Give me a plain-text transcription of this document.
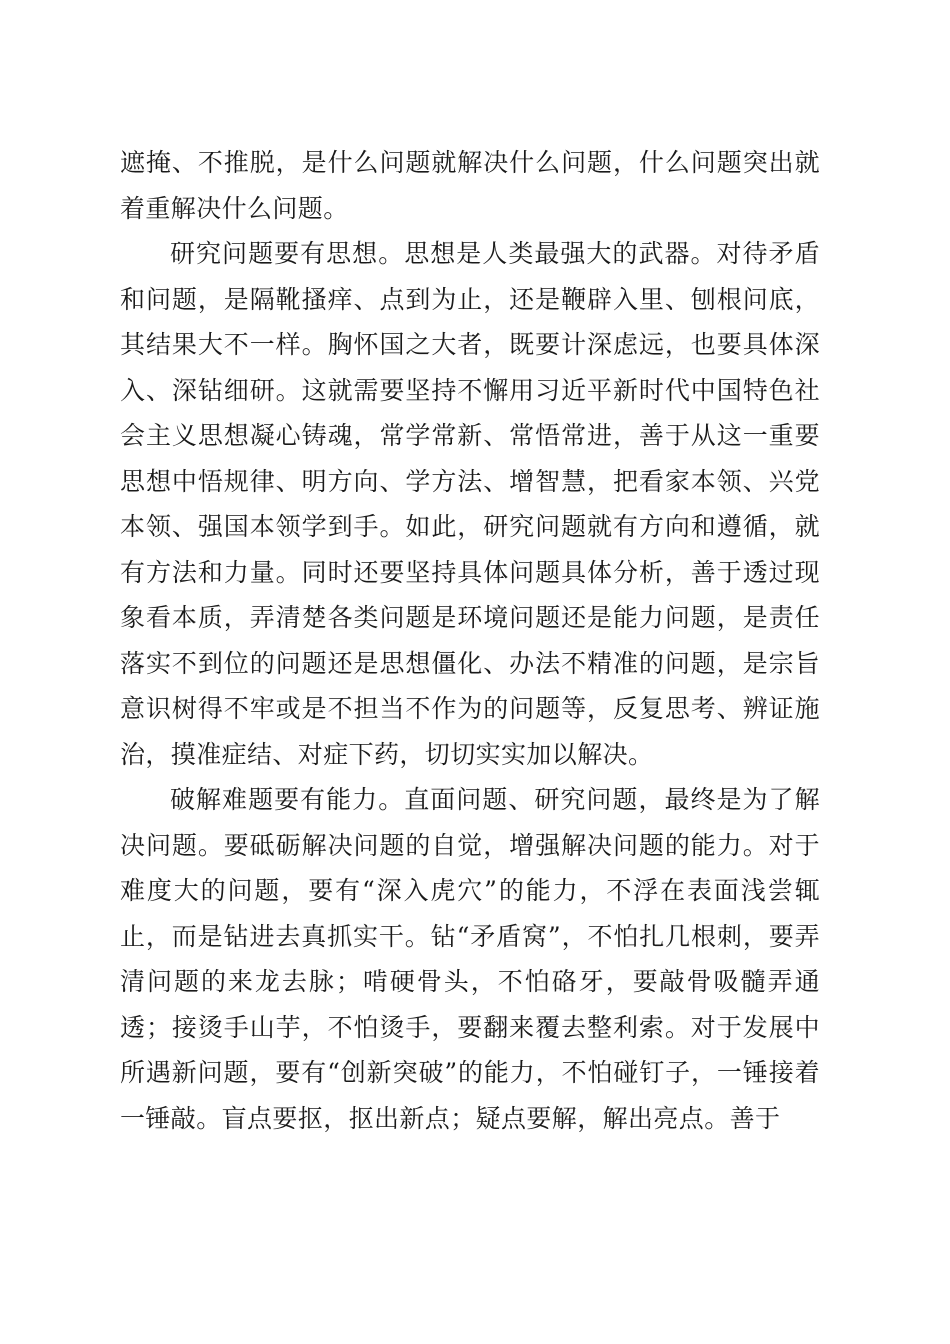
遮掩、不推脱，是什么问题就解决什么问题，什么问题突出就着重解决什么问题。

研究问题要有思想。思想是人类最强大的武器。对待矛盾和问题，是隔靴搔痒、点到为止，还是鞭辟入里、刨根问底，其结果大不一样。胸怀国之大者，既要计深虑远，也要具体深入、深钻细研。这就需要坚持不懈用习近平新时代中国特色社会主义思想凝心铸魂，常学常新、常悟常进，善于从这一重要思想中悟规律、明方向、学方法、增智慧，把看家本领、兴党本领、强国本领学到手。如此，研究问题就有方向和遵循，就有方法和力量。同时还要坚持具体问题具体分析，善于透过现象看本质，弄清楚各类问题是环境问题还是能力问题，是责任落实不到位的问题还是思想僵化、办法不精准的问题，是宗旨意识树得不牢或是不担当不作为的问题等，反复思考、辨证施治，摸准症结、对症下药，切切实实加以解决。

破解难题要有能力。直面问题、研究问题，最终是为了解决问题。要砥砺解决问题的自觉，增强解决问题的能力。对于难度大的问题，要有“深入虎穴”的能力，不浮在表面浅尝辄止，而是钻进去真抓实干。钻“矛盾窝”，不怕扎几根刺，要弄清问题的来龙去脉；啃硬骨头，不怕硌牙，要敲骨吸髓弄通透；接烫手山芋，不怕烫手，要翻来覆去整利索。对于发展中所遇新问题，要有“创新突破”的能力，不怕碰钉子，一锤接着一锤敲。盲点要抠，抠出新点；疑点要解，解出亮点。善于
